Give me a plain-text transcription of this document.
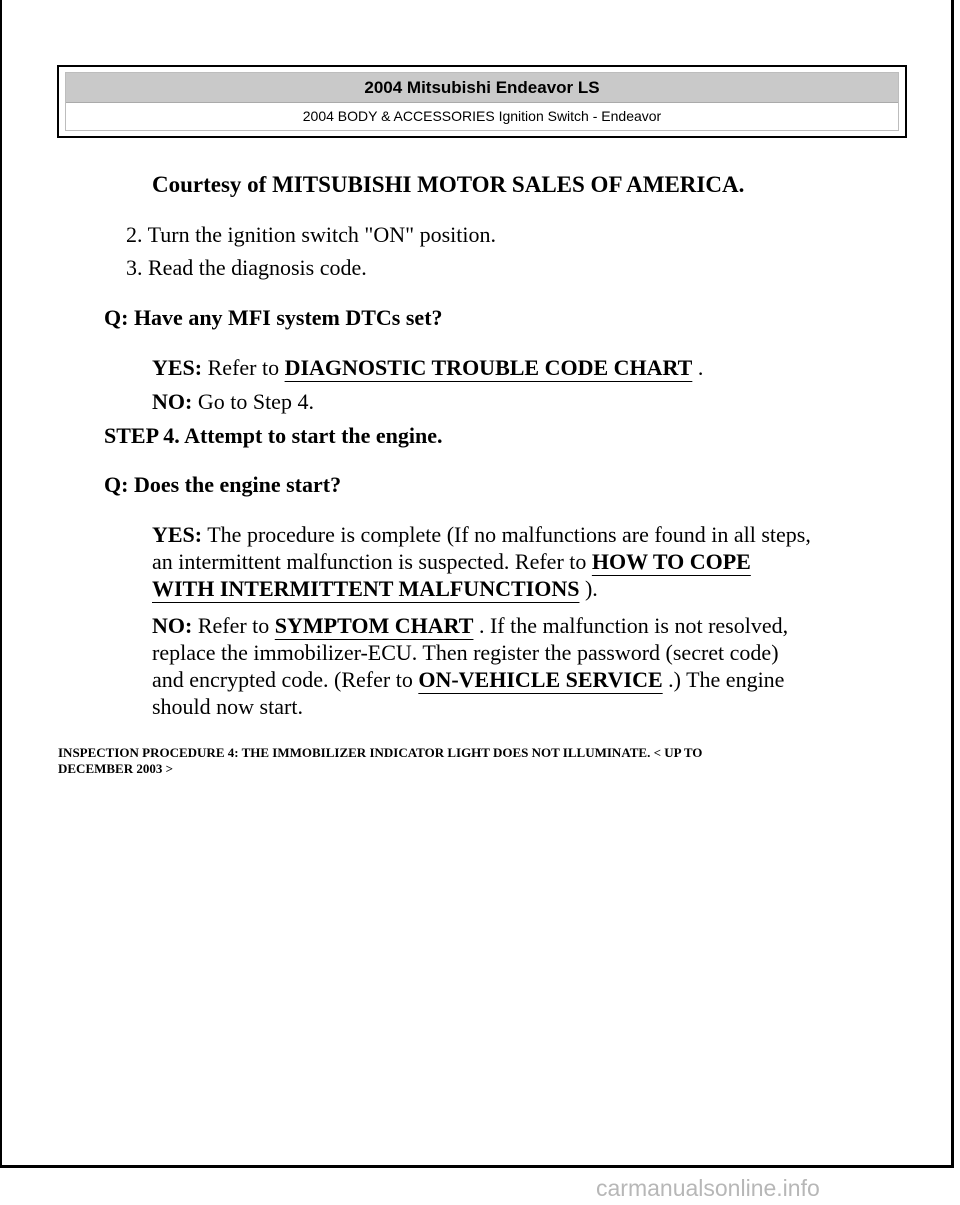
2004 Mitsubishi Endeavor LS
2004 BODY & ACCESSORIES Ignition Switch - Endeavor
Courtesy of MITSUBISHI MOTOR SALES OF AMERICA.
2. Turn the ignition switch "ON" position.
3. Read the diagnosis code.
Q: Have any MFI system DTCs set?
YES: Refer to DIAGNOSTIC TROUBLE CODE CHART .
NO: Go to Step 4.
STEP 4. Attempt to start the engine.
Q: Does the engine start?
YES: The procedure is complete (If no malfunctions are found in all steps,
an intermittent malfunction is suspected. Refer to HOW TO COPE
WITH INTERMITTENT MALFUNCTIONS ).
NO: Refer to SYMPTOM CHART . If the malfunction is not resolved,
replace the immobilizer-ECU. Then register the password (secret code)
and encrypted code. (Refer to ON-VEHICLE SERVICE .) The engine
should now start.
INSPECTION PROCEDURE 4: THE IMMOBILIZER INDICATOR LIGHT DOES NOT ILLUMINATE. < UP TO
DECEMBER 2003 >
carmanualsonline.info
